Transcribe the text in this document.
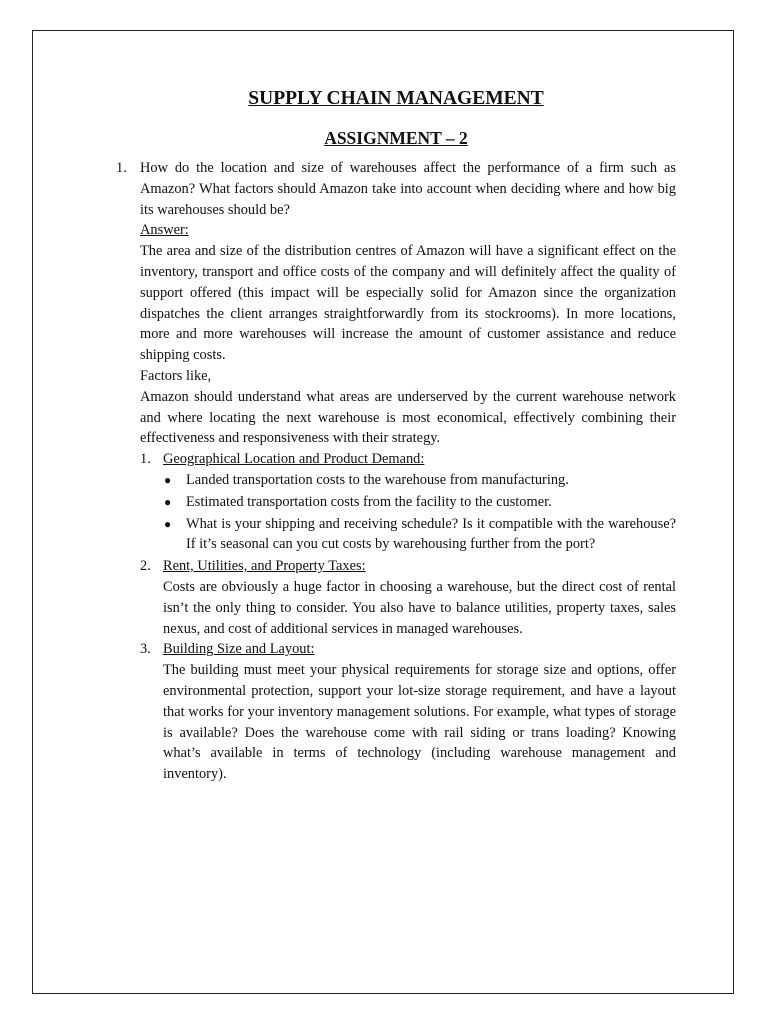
SUPPLY CHAIN MANAGEMENT
ASSIGNMENT – 2
1. How do the location and size of warehouses affect the performance of a firm such as Amazon? What factors should Amazon take into account when deciding where and how big its warehouses should be?

Answer:

The area and size of the distribution centres of Amazon will have a significant effect on the inventory, transport and office costs of the company and will definitely affect the quality of support offered (this impact will be especially solid for Amazon since the organization dispatches the client arranges straightforwardly from its stockrooms). In more locations, more and more warehouses will increase the amount of customer assistance and reduce shipping costs.

Factors like,

Amazon should understand what areas are underserved by the current warehouse network and where locating the next warehouse is most economical, effectively combining their effectiveness and responsiveness with their strategy.

1. Geographical Location and Product Demand:

●	Landed transportation costs to the warehouse from manufacturing.
●	Estimated transportation costs from the facility to the customer.
●	What is your shipping and receiving schedule? Is it compatible with the warehouse? If it’s seasonal can you cut costs by warehousing further from the port?
2. Rent, Utilities, and Property Taxes:

Costs are obviously a huge factor in choosing a warehouse, but the direct cost of rental isn’t the only thing to consider. You also have to balance utilities, property taxes, sales nexus, and cost of additional services in managed warehouses.

3. Building Size and Layout:

The building must meet your physical requirements for storage size and options, offer environmental protection, support your lot-size storage requirement, and have a layout that works for your inventory management solutions. For example, what types of storage is available? Does the warehouse come with rail siding or trans loading? Knowing what’s available in terms of technology (including warehouse management and inventory).
